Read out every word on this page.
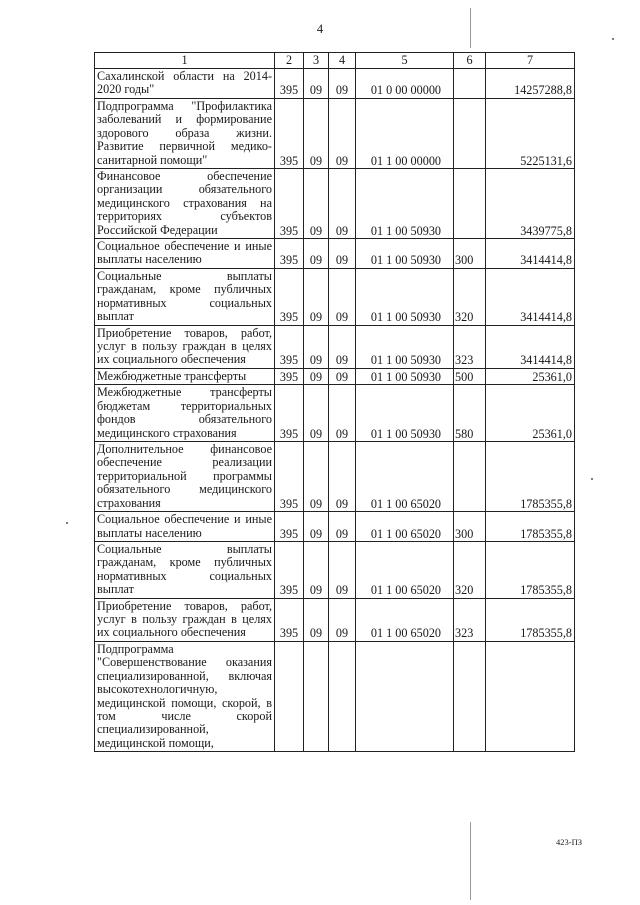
4
1	2	3	4	5	6	7
Сахалинской области на 2014-2020 годы"	395	09	09	01 0 00 00000		14257288,8
Подпрограмма "Профилактика заболеваний и формирование здорового образа жизни. Развитие первичной медико-санитарной помощи"	395	09	09	01 1 00 00000		5225131,6
Финансовое обеспечение организации обязательного медицинского страхования на территориях субъектов Российской Федерации	395	09	09	01 1 00 50930		3439775,8
Социальное обеспечение и иные выплаты населению	395	09	09	01 1 00 50930	300	3414414,8
Социальные выплаты гражданам, кроме публичных нормативных социальных выплат	395	09	09	01 1 00 50930	320	3414414,8
Приобретение товаров, работ, услуг в пользу граждан в целях их социального обеспечения	395	09	09	01 1 00 50930	323	3414414,8
Межбюджетные трансферты	395	09	09	01 1 00 50930	500	25361,0
Межбюджетные трансферты бюджетам территориальных фондов обязательного медицинского страхования	395	09	09	01 1 00 50930	580	25361,0
Дополнительное финансовое обеспечение реализации территориальной программы обязательного медицинского страхования	395	09	09	01 1 00 65020		1785355,8
Социальное обеспечение и иные выплаты населению	395	09	09	01 1 00 65020	300	1785355,8
Социальные выплаты гражданам, кроме публичных нормативных социальных выплат	395	09	09	01 1 00 65020	320	1785355,8
Приобретение товаров, работ, услуг в пользу граждан в целях их социального обеспечения	395	09	09	01 1 00 65020	323	1785355,8
Подпрограмма "Совершенствование оказания специализированной, включая высокотехнологичную, медицинской помощи, скорой, в том числе скорой специализированной, медицинской помощи,						
423-ПЗ
